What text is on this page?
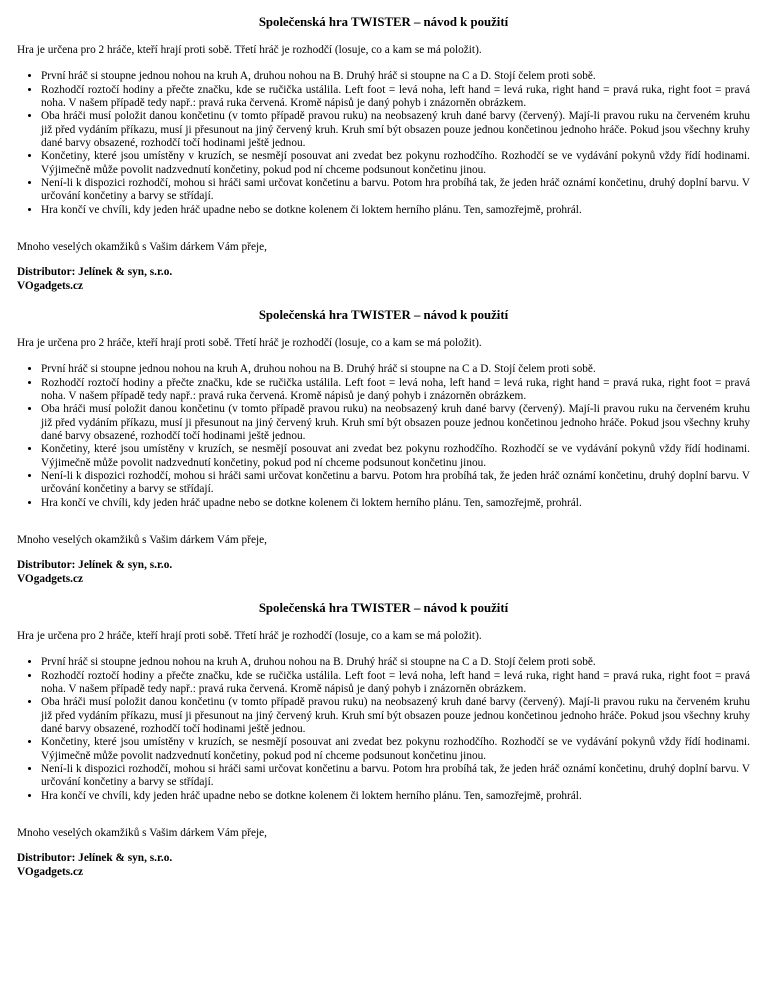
Společenská hra TWISTER – návod k použití

Hra je určena pro 2 hráče, kteří hrají proti sobě. Třetí hráč je rozhodčí (losuje, co a kam se má položit).

• První hráč si stoupne jednou nohou na kruh A, druhou nohou na B. Druhý hráč si stoupne na C a D. Stojí čelem proti sobě.
• Rozhodčí roztočí hodiny a přečte značku, kde se ručička ustálila. Left foot = levá noha, left hand = levá ruka, right hand = pravá ruka, right foot = pravá noha. V našem případě tedy např.: pravá ruka červená. Kromě nápisů je daný pohyb i znázorněn obrázkem.
• Oba hráči musí položit danou končetinu (v tomto případě pravou ruku) na neobsazený kruh dané barvy (červený). Mají-li pravou ruku na červeném kruhu již před vydáním příkazu, musí ji přesunout na jiný červený kruh. Kruh smí být obsazen pouze jednou končetinou jednoho hráče. Pokud jsou všechny kruhy dané barvy obsazené, rozhodčí točí hodinami ještě jednou.
• Končetiny, které jsou umístěny v kruzích, se nesmějí posouvat ani zvedat bez pokynu rozhodčího. Rozhodčí se ve vydávání pokynů vždy řídí hodinami. Výjimečně může povolit nadzvednutí končetiny, pokud pod ní chceme podsunout končetinu jinou.
• Není-li k dispozici rozhodčí, mohou si hráči sami určovat končetinu a barvu. Potom hra probíhá tak, že jeden hráč oznámí končetinu, druhý doplní barvu. V určování končetiny a barvy se střídají.
• Hra končí ve chvíli, kdy jeden hráč upadne nebo se dotkne kolenem či loktem herního plánu. Ten, samozřejmě, prohrál.

Mnoho veselých okamžiků s Vašim dárkem Vám přeje,

Distributor: Jelínek & syn, s.r.o.

VOgadgets.cz

Společenská hra TWISTER – návod k použití

Hra je určena pro 2 hráče, kteří hrají proti sobě. Třetí hráč je rozhodčí (losuje, co a kam se má položit).

• První hráč si stoupne jednou nohou na kruh A, druhou nohou na B. Druhý hráč si stoupne na C a D. Stojí čelem proti sobě.
• Rozhodčí roztočí hodiny a přečte značku, kde se ručička ustálila. Left foot = levá noha, left hand = levá ruka, right hand = pravá ruka, right foot = pravá noha. V našem případě tedy např.: pravá ruka červená. Kromě nápisů je daný pohyb i znázorněn obrázkem.
• Oba hráči musí položit danou končetinu (v tomto případě pravou ruku) na neobsazený kruh dané barvy (červený). Mají-li pravou ruku na červeném kruhu již před vydáním příkazu, musí ji přesunout na jiný červený kruh. Kruh smí být obsazen pouze jednou končetinou jednoho hráče. Pokud jsou všechny kruhy dané barvy obsazené, rozhodčí točí hodinami ještě jednou.
• Končetiny, které jsou umístěny v kruzích, se nesmějí posouvat ani zvedat bez pokynu rozhodčího. Rozhodčí se ve vydávání pokynů vždy řídí hodinami. Výjimečně může povolit nadzvednutí končetiny, pokud pod ní chceme podsunout končetinu jinou.
• Není-li k dispozici rozhodčí, mohou si hráči sami určovat končetinu a barvu. Potom hra probíhá tak, že jeden hráč oznámí končetinu, druhý doplní barvu. V určování končetiny a barvy se střídají.
• Hra končí ve chvíli, kdy jeden hráč upadne nebo se dotkne kolenem či loktem herního plánu. Ten, samozřejmě, prohrál.

Mnoho veselých okamžiků s Vašim dárkem Vám přeje,

Distributor: Jelínek & syn, s.r.o.

VOgadgets.cz

Společenská hra TWISTER – návod k použití

Hra je určena pro 2 hráče, kteří hrají proti sobě. Třetí hráč je rozhodčí (losuje, co a kam se má položit).

• První hráč si stoupne jednou nohou na kruh A, druhou nohou na B. Druhý hráč si stoupne na C a D. Stojí čelem proti sobě.
• Rozhodčí roztočí hodiny a přečte značku, kde se ručička ustálila. Left foot = levá noha, left hand = levá ruka, right hand = pravá ruka, right foot = pravá noha. V našem případě tedy např.: pravá ruka červená. Kromě nápisů je daný pohyb i znázorněn obrázkem.
• Oba hráči musí položit danou končetinu (v tomto případě pravou ruku) na neobsazený kruh dané barvy (červený). Mají-li pravou ruku na červeném kruhu již před vydáním příkazu, musí ji přesunout na jiný červený kruh. Kruh smí být obsazen pouze jednou končetinou jednoho hráče. Pokud jsou všechny kruhy dané barvy obsazené, rozhodčí točí hodinami ještě jednou.
• Končetiny, které jsou umístěny v kruzích, se nesmějí posouvat ani zvedat bez pokynu rozhodčího. Rozhodčí se ve vydávání pokynů vždy řídí hodinami. Výjimečně může povolit nadzvednutí končetiny, pokud pod ní chceme podsunout končetinu jinou.
• Není-li k dispozici rozhodčí, mohou si hráči sami určovat končetinu a barvu. Potom hra probíhá tak, že jeden hráč oznámí končetinu, druhý doplní barvu. V určování končetiny a barvy se střídají.
• Hra končí ve chvíli, kdy jeden hráč upadne nebo se dotkne kolenem či loktem herního plánu. Ten, samozřejmě, prohrál.

Mnoho veselých okamžiků s Vašim dárkem Vám přeje,

Distributor: Jelínek & syn, s.r.o.

VOgadgets.cz
